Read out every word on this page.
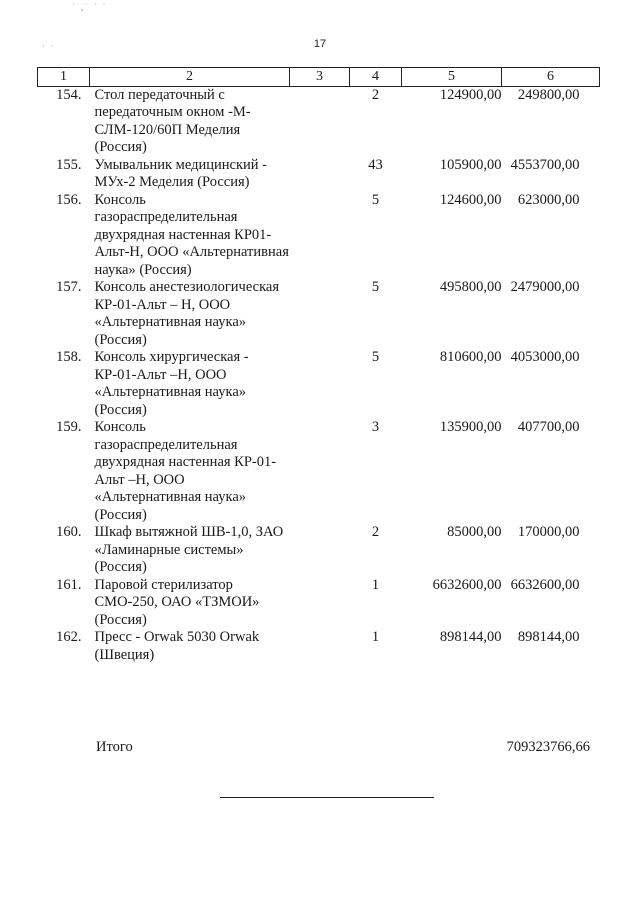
˙ ¸˙ ˙ ˙
· ·	17
1	2	3	4	5	6
154.	Стол передаточный с передаточным окном -М-СЛМ-120/60П Меделия (Россия)		2	124900,00	249800,00
155.	Умывальник медицинский - МУх-2 Меделия (Россия)		43	105900,00	4553700,00
156.	Консоль газораспределительная двухрядная настенная КР01-Альт-Н, ООО «Альтернативная наука» (Россия)		5	124600,00	623000,00
157.	Консоль анестезиологическая КР-01-Альт – Н, ООО «Альтернативная наука» (Россия)		5	495800,00	2479000,00
158.	Консоль хирургическая - КР-01-Альт –Н, ООО «Альтернативная наука» (Россия)		5	810600,00	4053000,00
159.	Консоль газораспределительная двухрядная настенная КР-01-Альт –Н, ООО «Альтернативная наука» (Россия)		3	135900,00	407700,00
160.	Шкаф вытяжной ШВ-1,0, ЗАО «Ламинарные системы» (Россия)		2	85000,00	170000,00
161.	Паровой стерилизатор СМО-250, ОАО «ТЗМОИ» (Россия)		1	6632600,00	6632600,00
162.	Пресс - Orwak 5030 Orwak (Швеция)		1	898144,00	898144,00
Итого	709323766,66
